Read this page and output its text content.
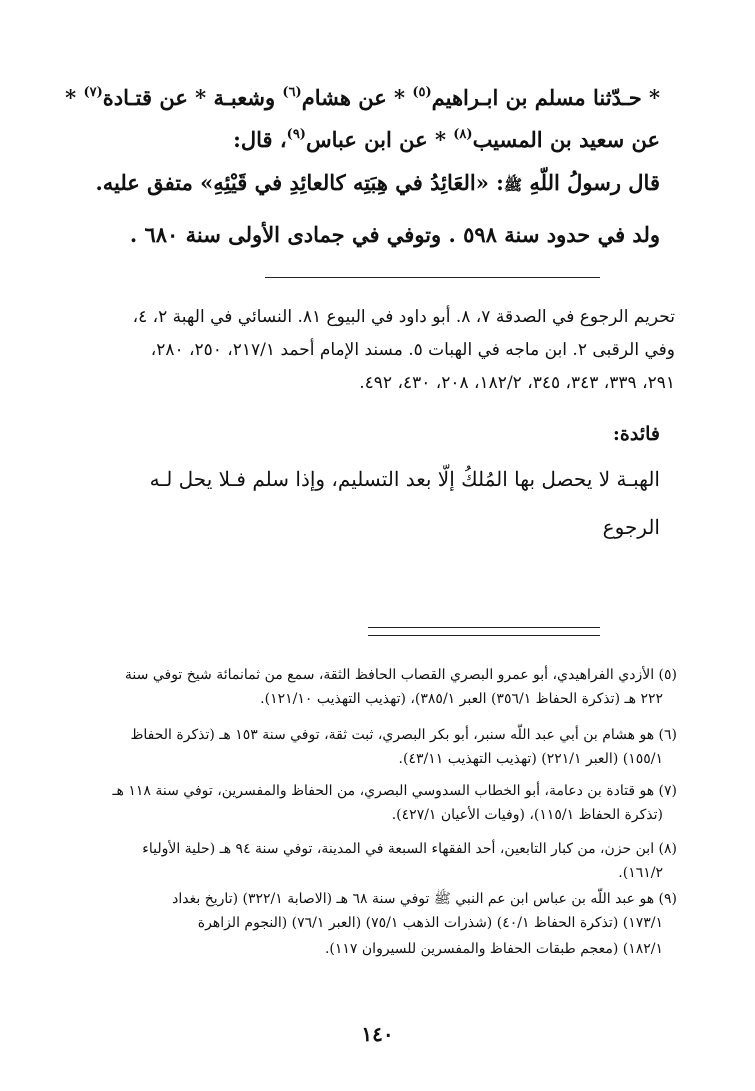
* حـدّثنا مسلم بن ابـراهيم$^{(٥)}$ * عن هشام$^{(٦)}$ وشعبـة * عن قتـادة$^{(٧)}$ *
عن سعيد بن المسيب$^{(٨)}$ * عن ابن عباس$^{(٩)}$، قال:
قال رسولُ اللّهِ ﷺ: «العَائِدُ في هِبَتِه كالعائِدِ في قَيْئِهِ» متفق عليه.
ولد في حدود سنة ٥٩٨ . وتوفي في جمادى الأولى سنة ٦٨٠ .
تحريم الرجوع في الصدقة ٧، ٨. أبو داود في البيوع ٨١. النسائي في الهبة ٢، ٤،
وفي الرقبى ٢. ابن ماجه في الهبات ٥. مسند الإمام أحمد ٢١٧/١، ٢٥٠، ٢٨٠،
٢٩١، ٣٣٩، ٣٤٣، ٣٤٥، ١٨٢/٢، ٢٠٨، ٤٣٠، ٤٩٢.
فائدة:
الهبـة لا يحصل بها المُلكُ إلّا بعد التسليم، وإذا سلم فـلا يحل لـه
الرجوع
(٥) الأزدي الفراهيدي، أبو عمرو البصري القصاب الحافظ الثقة، سمع من ثمانمائة شيخ توفي سنة
٢٢٢ هـ (تذكرة الحفاظ ٣٥٦/١) العبر ٣٨٥/١)، (تهذيب التهذيب ١٢١/١٠).
(٦) هو هشام بن أبي عبد اللّه سنبر، أبو بكر البصري، ثبت ثقة، توفي سنة ١٥٣ هـ (تذكرة الحفاظ
١٥٥/١) (العبر ٢٢١/١) (تهذيب التهذيب ٤٣/١١).
(٧) هو قتادة بن دعامة، أبو الخطاب السدوسي البصري، من الحفاظ والمفسرين، توفي سنة ١١٨ هـ
(تذكرة الحفاظ ١١٥/١)، (وفيات الأعيان ٤٢٧/١).
(٨) ابن حزن، من كبار التابعين، أحد الفقهاء السبعة في المدينة، توفي سنة ٩٤ هـ (حلية الأولياء
١٦١/٢).
(٩) هو عبد اللّه بن عباس ابن عم النبي ﷺ توفي سنة ٦٨ هـ (الاصابة ٣٢٢/١) (تاريخ بغداد
١٧٣/١) (تذكرة الحفاظ ٤٠/١) (شذرات الذهب ٧٥/١) (العبر ٧٦/١) (النجوم الزاهرة
١٨٢/١) (معجم طبقات الحفاظ والمفسرين للسيروان ١١٧).
١٤٠
